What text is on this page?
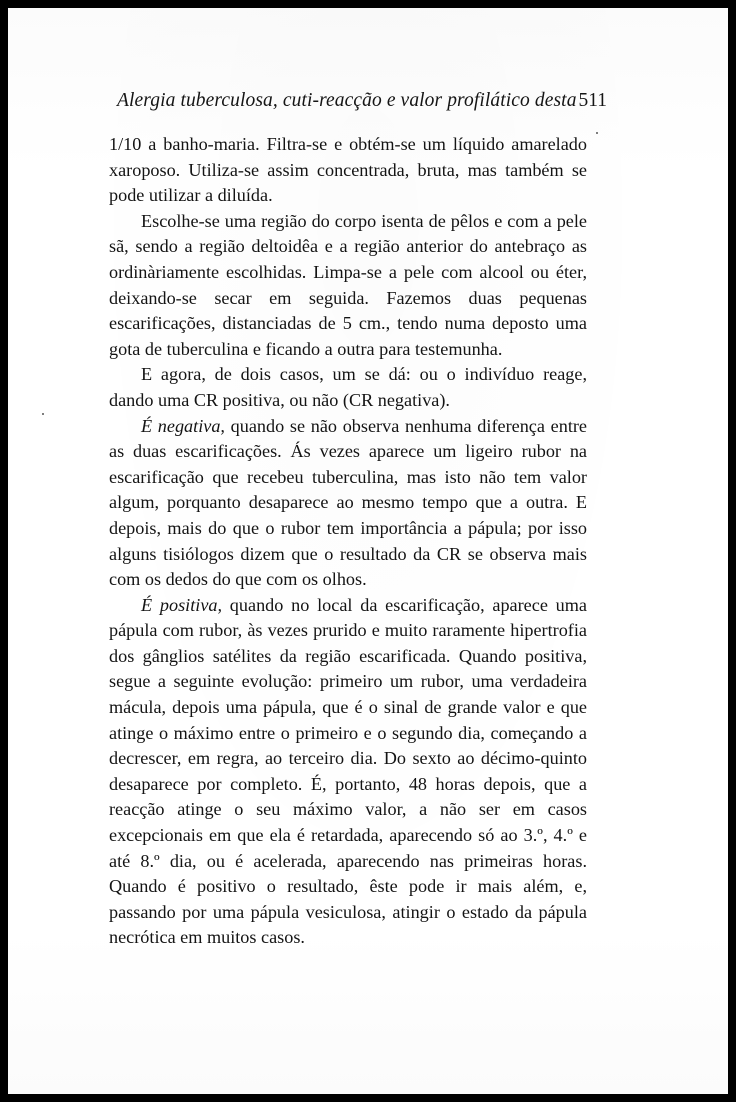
Alergia tuberculosa, cuti-reacção e valor profilático desta 511

1/10 a banho-maria. Filtra-se e obtém-se um líquido amarelado xaroposo. Utiliza-se assim concentrada, bruta, mas também se pode utilizar a diluída.

Escolhe-se uma região do corpo isenta de pêlos e com a pele sã, sendo a região deltoidêa e a região anterior do antebraço as ordinàriamente escolhidas. Limpa-se a pele com alcool ou éter, deixando-se secar em seguida. Fazemos duas pequenas escarificações, distanciadas de 5 cm., tendo numa deposto uma gota de tuberculina e ficando a outra para testemunha.

E agora, de dois casos, um se dá: ou o indivíduo reage, dando uma CR positiva, ou não (CR negativa).

É negativa, quando se não observa nenhuma diferença entre as duas escarificações. Ás vezes aparece um ligeiro rubor na escarificação que recebeu tuberculina, mas isto não tem valor algum, porquanto desaparece ao mesmo tempo que a outra. E depois, mais do que o rubor tem importância a pápula; por isso alguns tisiólogos dizem que o resultado da CR se observa mais com os dedos do que com os olhos.

É positiva, quando no local da escarificação, aparece uma pápula com rubor, às vezes prurido e muito raramente hipertrofia dos gânglios satélites da região escarificada. Quando positiva, segue a seguinte evolução: primeiro um rubor, uma verdadeira mácula, depois uma pápula, que é o sinal de grande valor e que atinge o máximo entre o primeiro e o segundo dia, começando a decrescer, em regra, ao terceiro dia. Do sexto ao décimo-quinto desaparece por completo. É, portanto, 48 horas depois, que a reacção atinge o seu máximo valor, a não ser em casos excepcionais em que ela é retardada, aparecendo só ao 3.º, 4.º e até 8.º dia, ou é acelerada, aparecendo nas primeiras horas. Quando é positivo o resultado, êste pode ir mais além, e, passando por uma pápula vesiculosa, atingir o estado da pápula necrótica em muitos casos.
